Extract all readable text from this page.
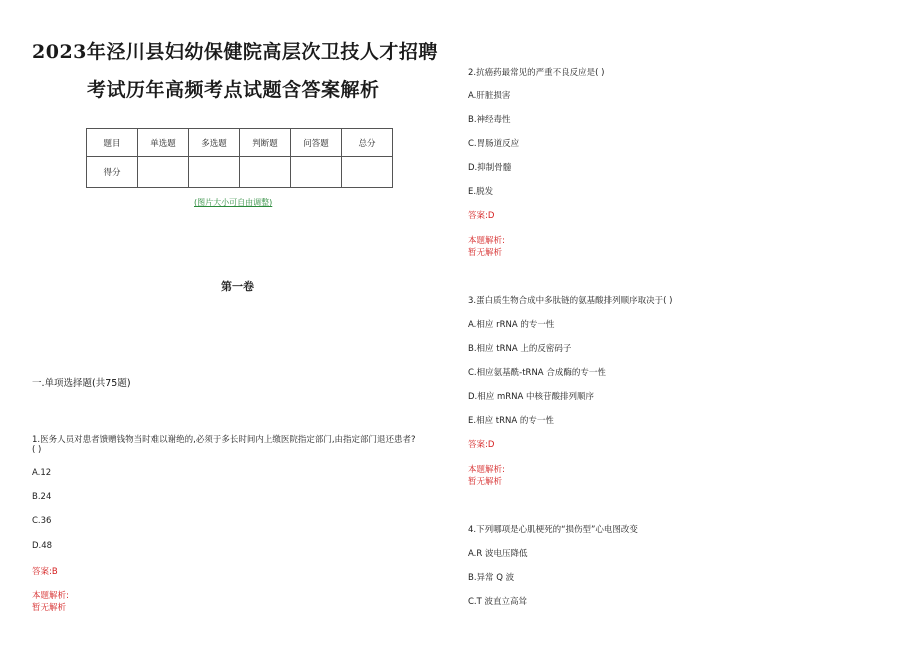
2023年泾川县妇幼保健院高层次卫技人才招聘
考试历年高频考点试题含答案解析
题目	单选题	多选题	判断题	问答题	总分
得分					
(图片大小可自由调整)
第一卷
一.单项选择题(共75题)
1.医务人员对患者馈赠钱物当时难以谢绝的,必须于多长时间内上缴医院指定部门,由指定部门退还患者?
( )
A.12
B.24
C.36
D.48
答案:B
本题解析:
暂无解析
2.抗癌药最常见的严重不良反应是( )
A.肝脏损害
B.神经毒性
C.胃肠道反应
D.抑制骨髓
E.脱发
答案:D
本题解析:
暂无解析
3.蛋白质生物合成中多肽链的氨基酸排列顺序取决于( )
A.相应 rRNA 的专一性
B.相应 tRNA 上的反密码子
C.相应氨基酰-tRNA 合成酶的专一性
D.相应 mRNA 中核苷酸排列顺序
E.相应 tRNA 的专一性
答案:D
本题解析:
暂无解析
4.下列哪项是心肌梗死的“损伤型”心电图改变
A.R 波电压降低
B.异常 Q 波
C.T 波直立高耸
